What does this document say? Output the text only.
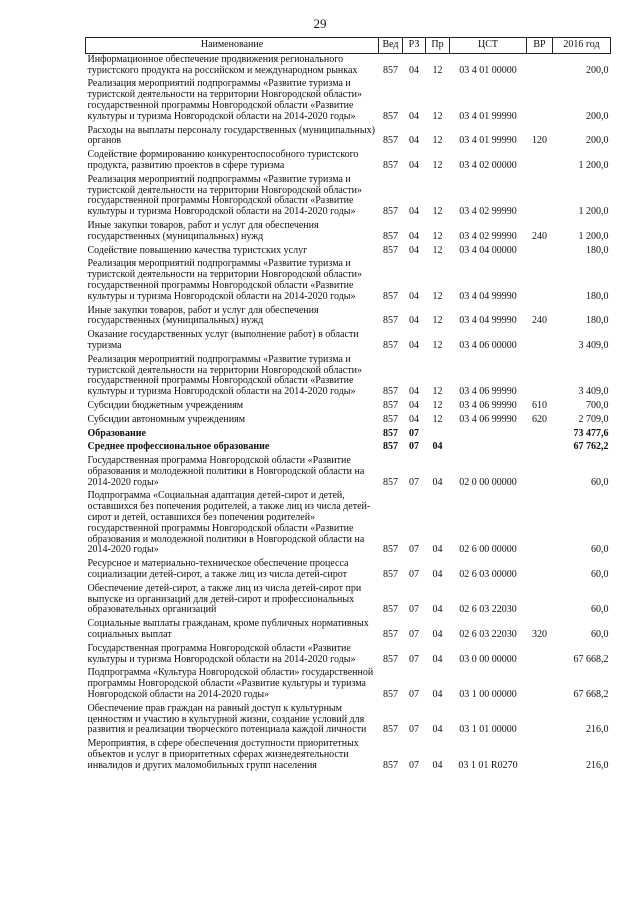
29
Наименование	Вед	РЗ	Пр	ЦСТ	ВР	2016 год
Информационное обеспечение продвижения регионального туристского продукта на российском и международном рынках	857	04	12	03 4 01 00000		200,0
Реализация мероприятий подпрограммы «Развитие туризма и туристской деятельности на территории Новгородской области» государственной программы Новгородской области «Развитие культуры и туризма Новгородской области на 2014-2020 годы»	857	04	12	03 4 01 99990		200,0
Расходы на выплаты персоналу государственных (муниципальных) органов	857	04	12	03 4 01 99990	120	200,0
Содействие формированию конкурентоспособного туристского продукта, развитию проектов в сфере туризма	857	04	12	03 4 02 00000		1 200,0
Реализация мероприятий подпрограммы «Развитие туризма и туристской деятельности на территории Новгородской области» государственной программы Новгородской области «Развитие культуры и туризма Новгородской области на 2014-2020 годы»	857	04	12	03 4 02 99990		1 200,0
Иные закупки товаров, работ и услуг для обеспечения государственных (муниципальных) нужд	857	04	12	03 4 02 99990	240	1 200,0
Содействие повышению качества туристских услуг	857	04	12	03 4 04 00000		180,0
Реализация мероприятий подпрограммы «Развитие туризма и туристской деятельности на территории Новгородской области» государственной программы Новгородской области «Развитие культуры и туризма Новгородской области на 2014-2020 годы»	857	04	12	03 4 04 99990		180,0
Иные закупки товаров, работ и услуг для обеспечения государственных (муниципальных) нужд	857	04	12	03 4 04 99990	240	180,0
Оказание государственных услуг (выполнение работ) в области туризма	857	04	12	03 4 06 00000		3 409,0
Реализация мероприятий подпрограммы «Развитие туризма и туристской деятельности на территории Новгородской области» государственной программы Новгородской области «Развитие культуры и туризма Новгородской области на 2014-2020 годы»	857	04	12	03 4 06 99990		3 409,0
Субсидии бюджетным учреждениям	857	04	12	03 4 06 99990	610	700,0
Субсидии автономным учреждениям	857	04	12	03 4 06 99990	620	2 709,0
Образование	857	07				73 477,6
Среднее профессиональное образование	857	07	04			67 762,2
Государственная программа Новгородской области «Развитие образования и молодежной политики в Новгородской области на 2014-2020 годы»	857	07	04	02 0 00 00000		60,0
Подпрограмма «Социальная адаптация детей-сирот и детей, оставшихся без попечения родителей, а также лиц из числа детей-сирот и детей, оставшихся без попечения родителей» государственной программы Новгородской области «Развитие образования и молодежной политики в Новгородской области на 2014-2020 годы»	857	07	04	02 6 00 00000		60,0
Ресурсное и материально-техническое обеспечение процесса социализации детей-сирот, а также лиц из числа детей-сирот	857	07	04	02 6 03 00000		60,0
Обеспечение детей-сирот, а также лиц из числа детей-сирот при выпуске из организаций для детей-сирот и профессиональных образовательных организаций	857	07	04	02 6 03 22030		60,0
Социальные выплаты гражданам, кроме публичных нормативных социальных выплат	857	07	04	02 6 03 22030	320	60,0
Государственная программа Новгородской области «Развитие культуры и туризма Новгородской области на 2014-2020 годы»	857	07	04	03 0 00 00000		67 668,2
Подпрограмма «Культура Новгородской области» государственной программы Новгородской области «Развитие культуры и туризма Новгородской области на 2014-2020 годы»	857	07	04	03 1 00 00000		67 668,2
Обеспечение прав граждан на равный доступ к культурным ценностям и участию в культурной жизни, создание условий для развития и реализации творческого потенциала каждой личности	857	07	04	03 1 01 00000		216,0
Мероприятия, в сфере обеспечения доступности приоритетных объектов и услуг в приоритетных сферах жизнедеятельности инвалидов и других маломобильных групп населения	857	07	04	03 1 01 R0270		216,0
